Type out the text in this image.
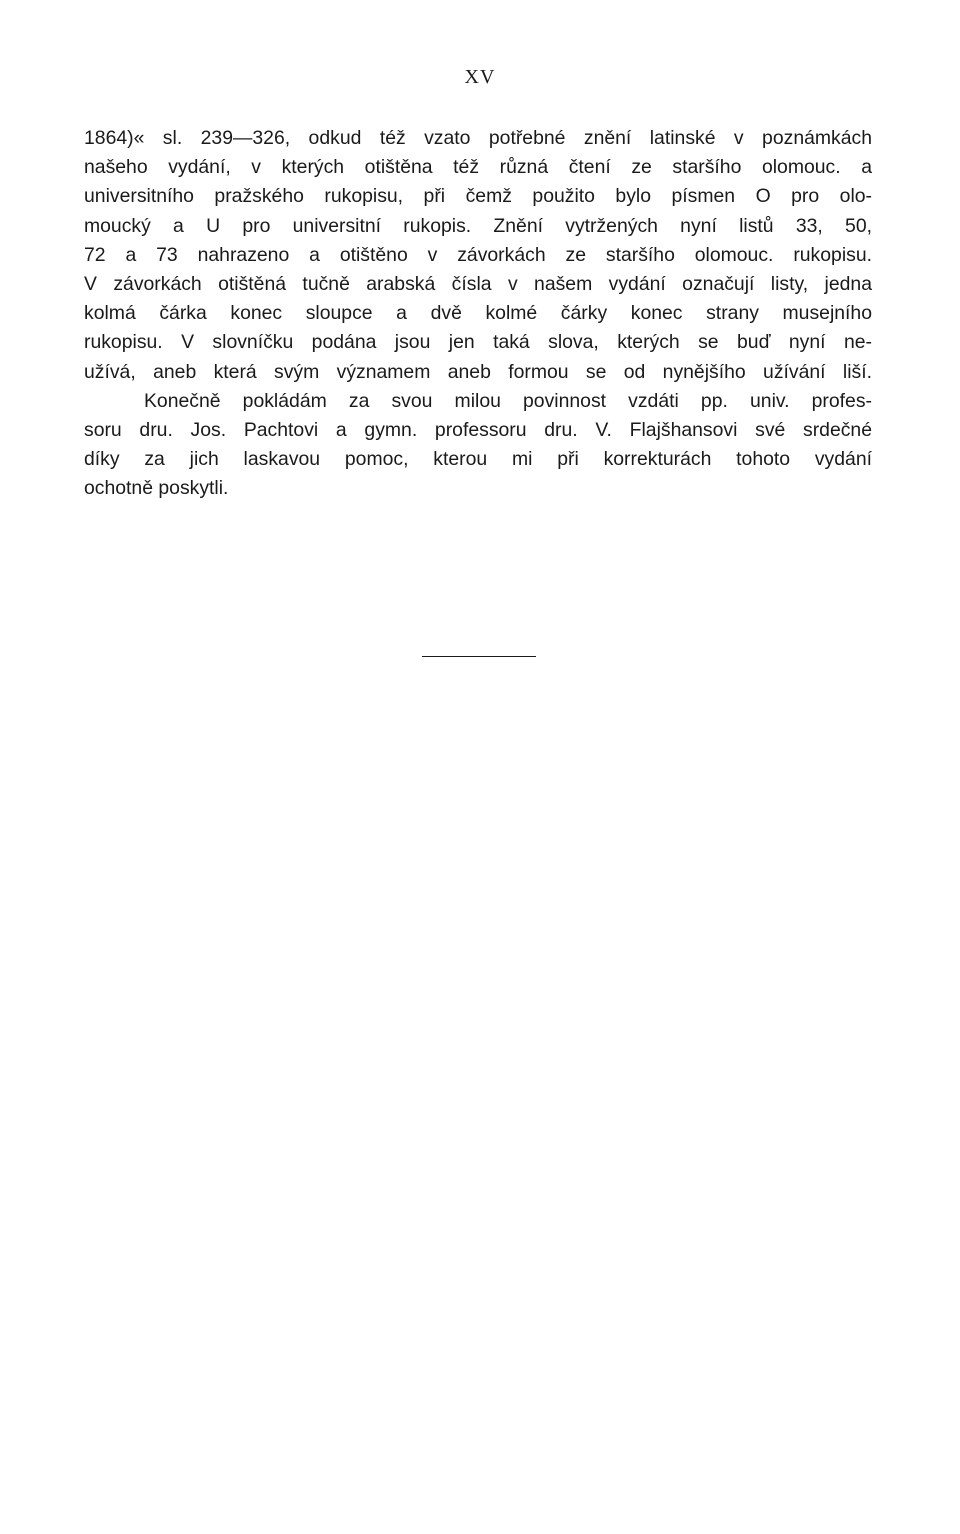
XV
1864)« sl. 239—326, odkud též vzato potřebné znění latinské v poznámkách
našeho vydání, v kterých otištěna též různá čtení ze staršího olomouc. a
universitního pražského rukopisu, při čemž použito bylo písmen O pro olo-
moucký a U pro universitní rukopis. Znění vytržených nyní listů 33, 50,
72 a 73 nahrazeno a otištěno v závorkách ze staršího olomouc. rukopisu.
V závorkách otištěná tučně arabská čísla v našem vydání označují listy, jedna
kolmá čárka konec sloupce a dvě kolmé čárky konec strany musejního
rukopisu. V slovníčku podána jsou jen taká slova, kterých se buď nyní ne-
užívá, aneb která svým významem aneb formou se od nynějšího užívání liší.
Konečně pokládám za svou milou povinnost vzdáti pp. univ. profes-
soru dru. Jos. Pachtovi a gymn. professoru dru. V. Flajšhansovi své srdečné
díky za jich laskavou pomoc, kterou mi při korrekturách tohoto vydání
ochotně poskytli.
